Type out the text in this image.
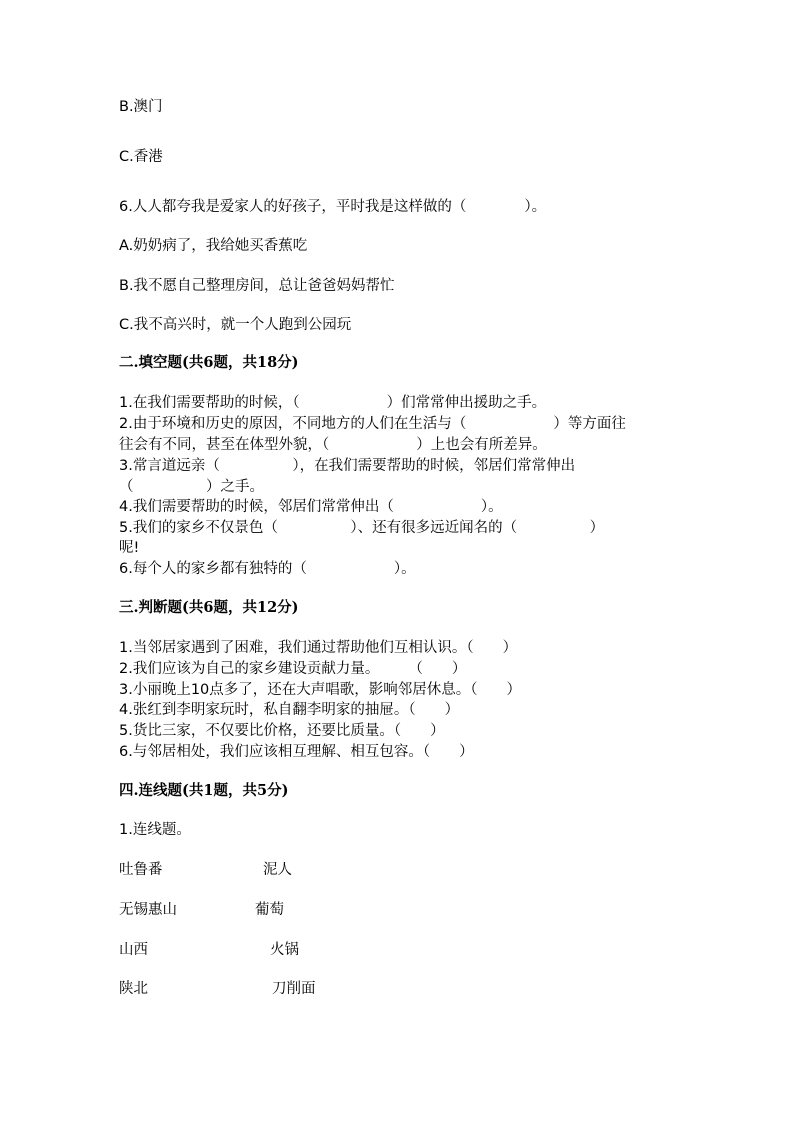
B.澳门
C.香港
6.人人都夸我是爱家人的好孩子，平时我是这样做的（　　　　）。
A.奶奶病了，我给她买香蕉吃
B.我不愿自己整理房间，总让爸爸妈妈帮忙
C.我不高兴时，就一个人跑到公园玩
二.填空题(共6题，共18分)
1.在我们需要帮助的时候，（　　　　　　）们常常伸出援助之手。
2.由于环境和历史的原因，不同地方的人们在生活与（　　　　　　）等方面往
往会有不同，甚至在体型外貌，（　　　　　　）上也会有所差异。
3.常言道远亲（　　　　　），在我们需要帮助的时候，邻居们常常伸出
（　　　　　）之手。
4.我们需要帮助的时候，邻居们常常伸出（　　　　　　）。
5.我们的家乡不仅景色（　　　　　）、还有很多远近闻名的（　　　　　）
呢!
6.每个人的家乡都有独特的（　　　　　　）。
三.判断题(共6题，共12分)
1.当邻居家遇到了困难，我们通过帮助他们互相认识。（　　）
2.我们应该为自己的家乡建设贡献力量。　　　（　　）
3.小丽晚上10点多了，还在大声唱歌，影响邻居休息。（　　）
4.张红到李明家玩时，私自翻李明家的抽屉。（　　）
5.货比三家，不仅要比价格，还要比质量。（　　）
6.与邻居相处，我们应该相互理解、相互包容。（　　）
四.连线题(共1题，共5分)
1.连线题。
吐鲁番	泥人
无锡惠山	葡萄
山西	火锅
陕北	刀削面
